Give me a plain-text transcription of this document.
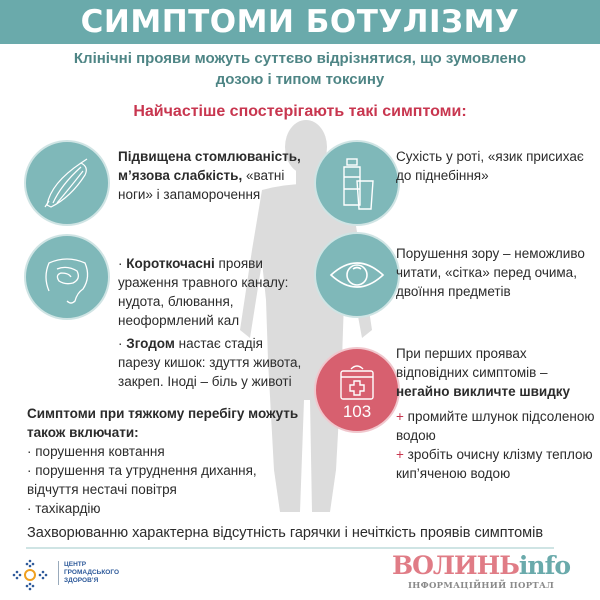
СИМПТОМИ БОТУЛІЗМУ
Клінічні прояви можуть суттєво відрізнятися, що зумовлено
дозою і типом токсину
Найчастіше спостерігають такі симптоми:
Підвищена стомлюваність, м’язова слабкість, «ватні ноги» і запаморочення
· Короткочасні прояви ураження травного каналу: нудота, блювання, неоформлений кал
· Згодом настає стадія парезу кишок: здуття живота, закреп. Іноді – біль у животі
Симптоми при тяжкому перебігу можуть також включати:
· порушення ковтання
· порушення та утруднення дихання, відчуття нестачі повітря
· тахікардію
Сухість у роті, «язик присихає до піднебіння»
Порушення зору – неможливо читати, «сітка» перед очима, двоїння предметів
103
При перших проявах відповідних симптомів – негайно викличте швидку
+ промийте шлунок підсоленою водою
+ зробіть очисну клізму теплою кип’яченою водою
Захворюванню характерна відсутність гарячки і нечіткість проявів симптомів
ЦЕНТР
ГРОМАДСЬКОГО
ЗДОРОВ’Я
ВОЛИНЬinfo
ІНФОРМАЦІЙНИЙ ПОРТАЛ
